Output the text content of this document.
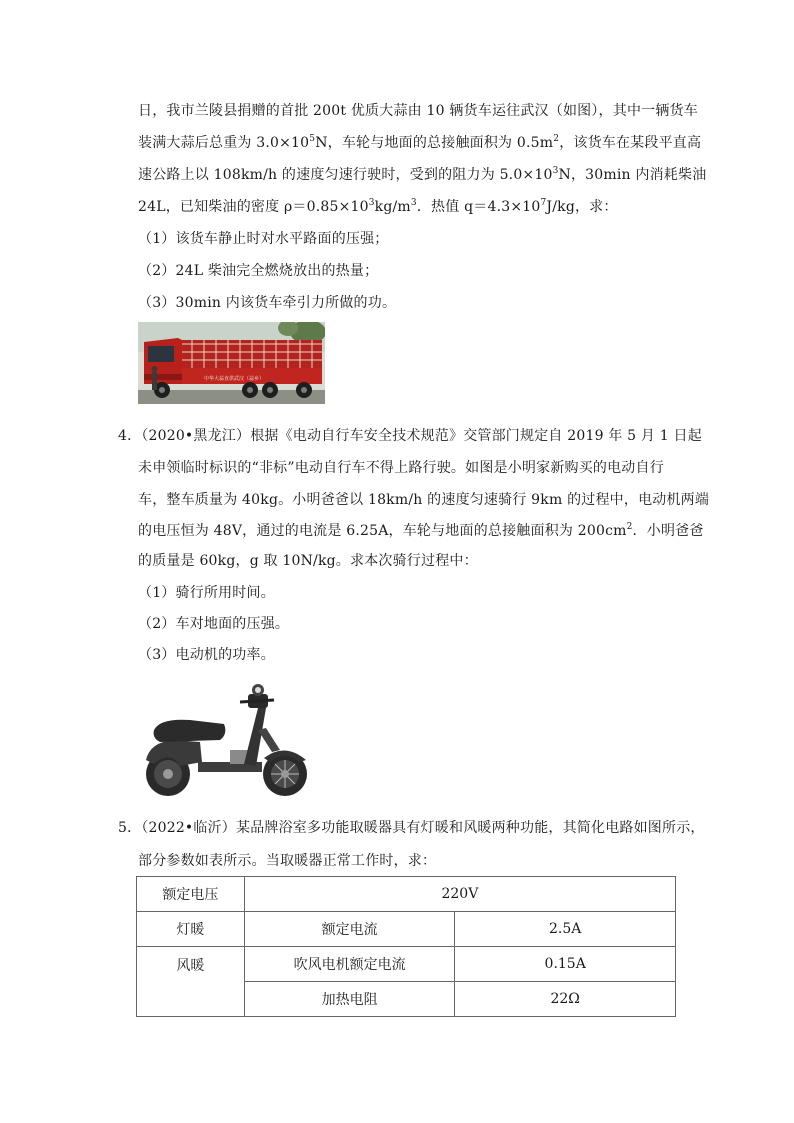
日，我市兰陵县捐赠的首批 200t 优质大蒜由 10 辆货车运往武汉（如图），其中一辆货车
装满大蒜后总重为 $3.0\times 10^5N$，车轮与地面的总接触面积为 $0.5m^2$，该货车在某段平直高
速公路上以 108km/h 的速度匀速行驶时，受到的阻力为 $5.0\times 10^3N$，30min 内消耗柴油
24L，已知柴油的密度 $\rho=0.85\times 10^3kg/m^3$．热值 $q=4.3\times 10^7J/kg$，求：
（1）该货车静止时对水平路面的压强；
（2）24L 柴油完全燃烧放出的热量；
（3）30min 内该货车牵引力所做的功。
中华大蒜直供武汉（蒜乡）
4．（2020•黑龙江）根据《电动自行车安全技术规范》交管部门规定自 2019 年 5 月 1 日起
未申领临时标识的“非标”电动自行车不得上路行驶。如图是小明家新购买的电动自行
车，整车质量为 40kg。小明爸爸以 18km/h 的速度匀速骑行 9km 的过程中，电动机两端
的电压恒为 48V，通过的电流是 6.25A，车轮与地面的总接触面积为 $200cm^2$．小明爸爸
的质量是 60kg，g 取 10N/kg。求本次骑行过程中：
（1）骑行所用时间。
（2）车对地面的压强。
（3）电动机的功率。
5．（2022•临沂）某品牌浴室多功能取暖器具有灯暖和风暖两种功能，其简化电路如图所示，
部分参数如表所示。当取暖器正常工作时，求：
额定电压	220V	
灯暖	额定电流	2.5A
风暖	吹风电机额定电流	0.15A
	加热电阻	22Ω
